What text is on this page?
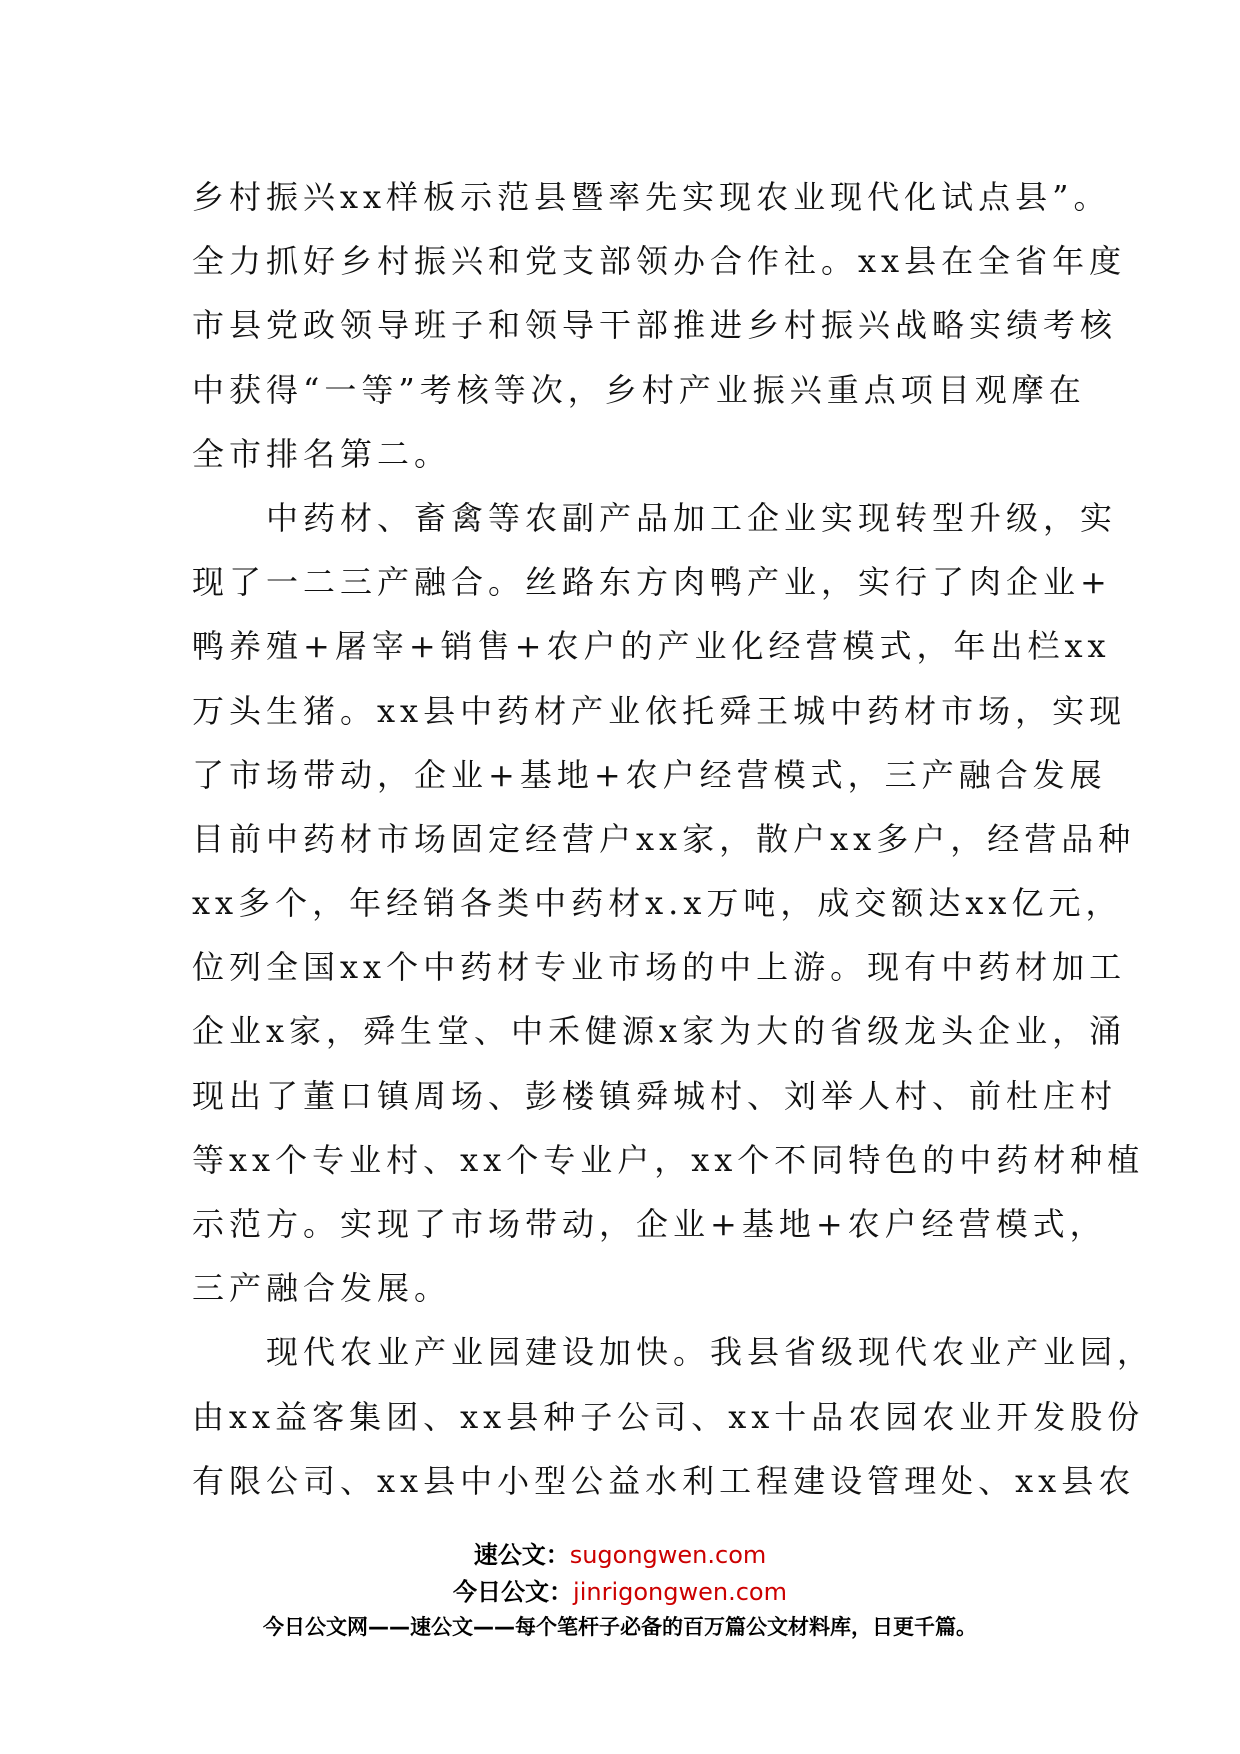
乡村振兴xx样板示范县暨率先实现农业现代化试点县”。
全力抓好乡村振兴和党支部领办合作社。xx县在全省年度
市县党政领导班子和领导干部推进乡村振兴战略实绩考核
中获得“一等”考核等次，乡村产业振兴重点项目观摩在
全市排名第二。
　　中药材、畜禽等农副产品加工企业实现转型升级，实
现了一二三产融合。丝路东方肉鸭产业，实行了肉企业+
鸭养殖+屠宰+销售+农户的产业化经营模式，年出栏xx
万头生猪。xx县中药材产业依托舜王城中药材市场，实现
了市场带动，企业+基地+农户经营模式，三产融合发展
目前中药材市场固定经营户xx家，散户xx多户，经营品种
xx多个，年经销各类中药材x.x万吨，成交额达xx亿元，
位列全国xx个中药材专业市场的中上游。现有中药材加工
企业x家，舜生堂、中禾健源x家为大的省级龙头企业，涌
现出了董口镇周场、彭楼镇舜城村、刘举人村、前杜庄村
等xx个专业村、xx个专业户，xx个不同特色的中药材种植
示范方。实现了市场带动，企业+基地+农户经营模式，
三产融合发展。
　　现代农业产业园建设加快。我县省级现代农业产业园，
由xx益客集团、xx县种子公司、xx十品农园农业开发股份
有限公司、xx县中小型公益水利工程建设管理处、xx县农
速公文：sugongwen.com
今日公文：jinrigongwen.com
今日公文网——速公文——每个笔杆子必备的百万篇公文材料库，日更千篇。
